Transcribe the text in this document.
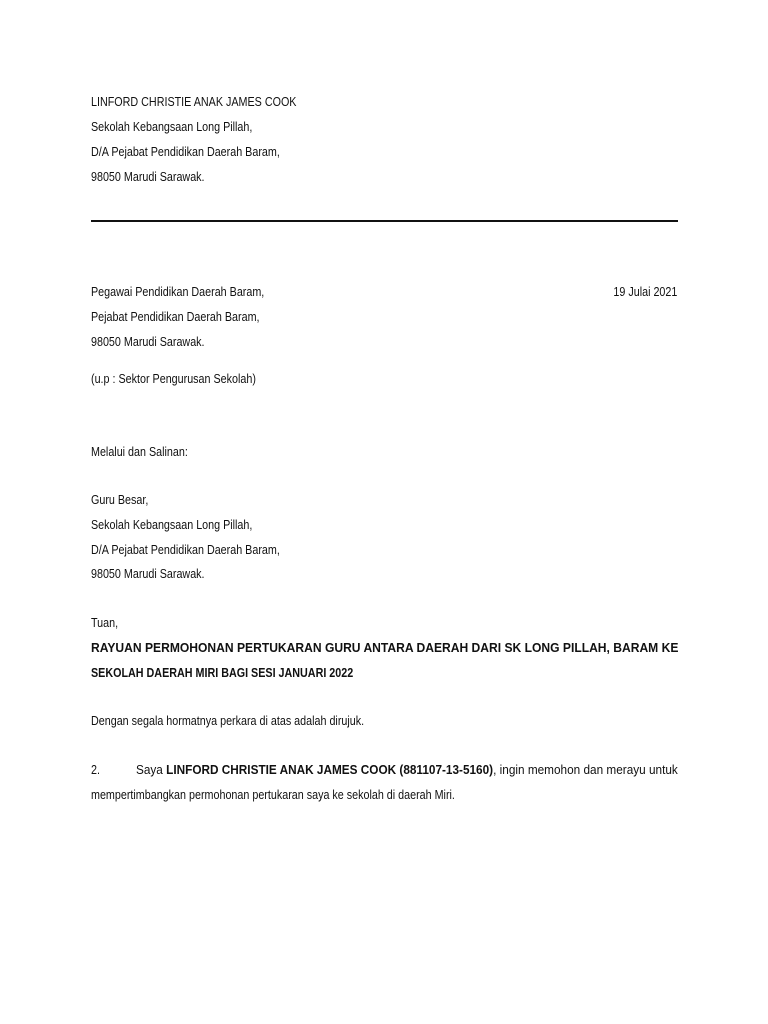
LINFORD CHRISTIE ANAK JAMES COOK
Sekolah Kebangsaan Long Pillah,
D/A Pejabat Pendidikan Daerah Baram,
98050 Marudi Sarawak.
Pegawai Pendidikan Daerah Baram,	19 Julai 2021
Pejabat Pendidikan Daerah Baram,
98050 Marudi Sarawak.
(u.p : Sektor Pengurusan Sekolah)
Melalui dan Salinan:
Guru Besar,
Sekolah Kebangsaan Long Pillah,
D/A Pejabat Pendidikan Daerah Baram,
98050 Marudi Sarawak.
Tuan,
RAYUAN PERMOHONAN PERTUKARAN GURU ANTARA DAERAH DARI SK LONG PILLAH, BARAM KE
SEKOLAH DAERAH MIRI BAGI SESI JANUARI 2022
Dengan segala hormatnya perkara di atas adalah dirujuk.
2.	Saya LINFORD CHRISTIE ANAK JAMES COOK (881107-13-5160), ingin memohon dan merayu untuk
mempertimbangkan permohonan pertukaran saya ke sekolah di daerah Miri.
